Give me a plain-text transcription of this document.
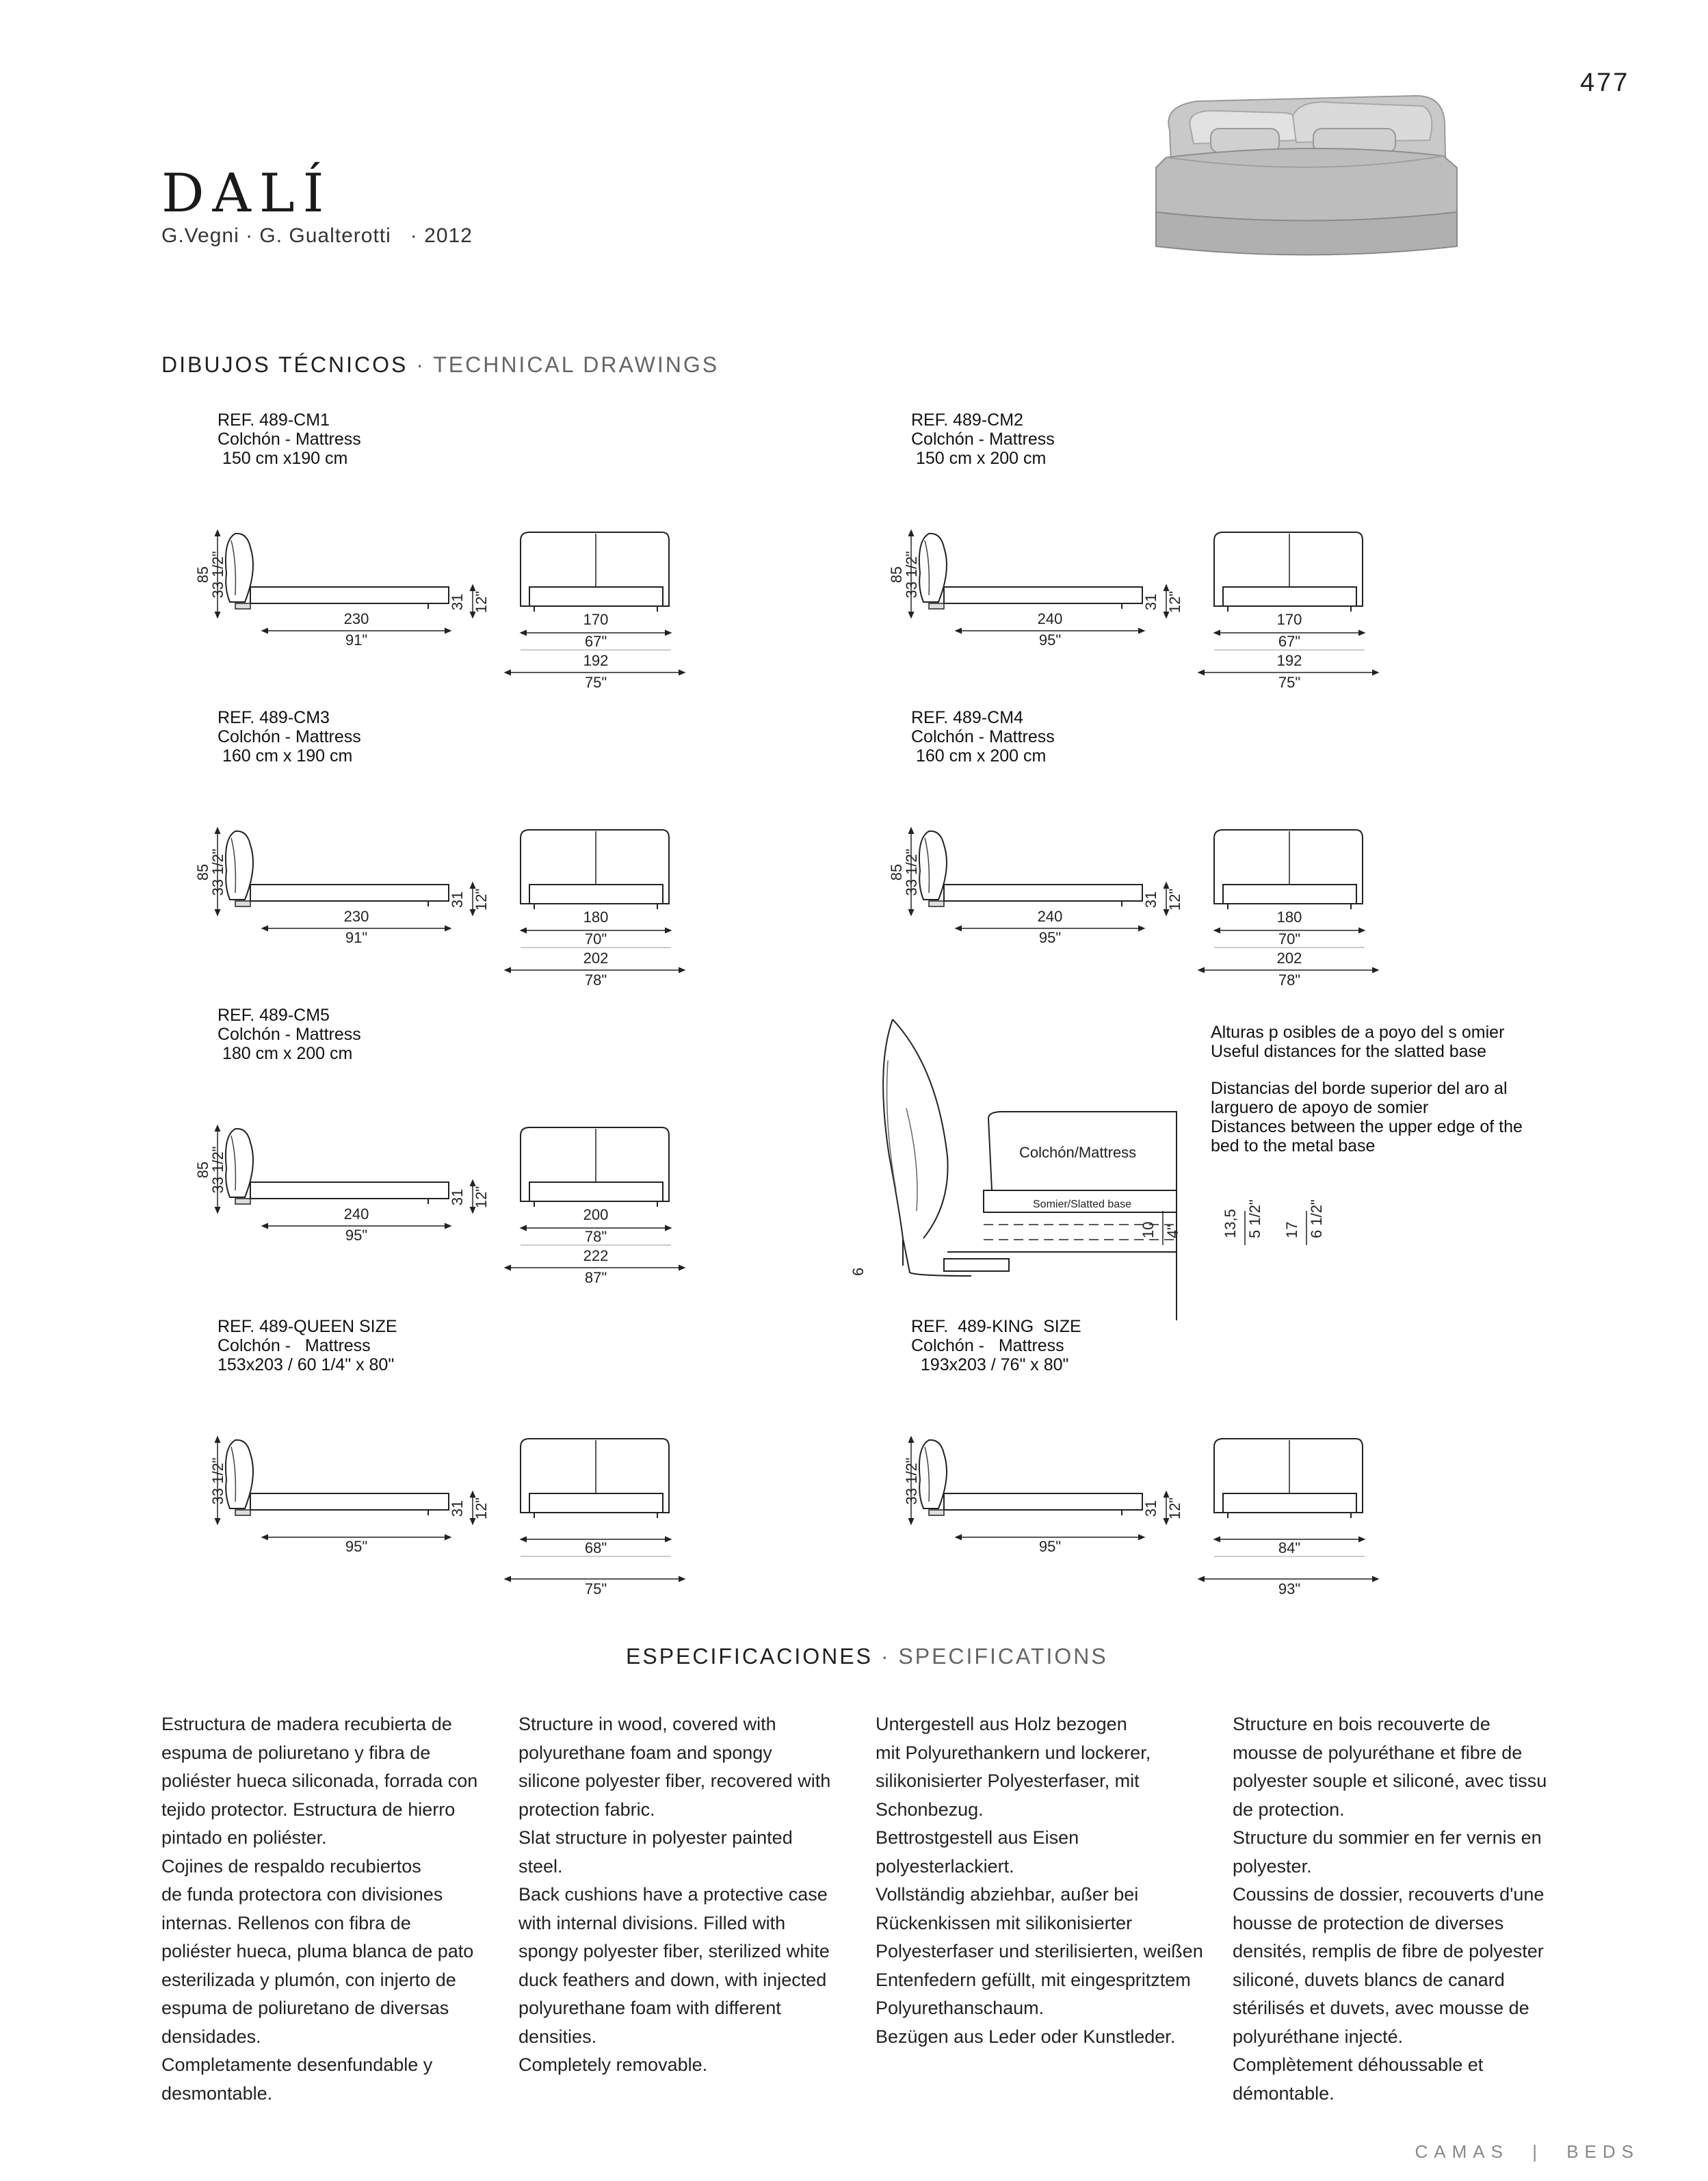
477
DALÍ
G.Vegni · G. Gualterotti   · 2012
DIBUJOS TÉCNICOS · TECHNICAL DRAWINGS
REF. 489-CM1
Colchón - Mattress
150 cm x190 cm
85
33 1/2"
31 12"
230
91"
170
67"
192
75"
REF. 489-CM2
Colchón - Mattress
150 cm x 200 cm
85
33 1/2"
31 12"
240
95"
170
67"
192
75"
REF. 489-CM3
Colchón - Mattress
160 cm x 190 cm
85
33 1/2"
31 12"
230
91"
180
70"
202
78"
REF. 489-CM4
Colchón - Mattress
160 cm x 200 cm
85
33 1/2"
31 12"
240
95"
180
70"
202
78"
REF. 489-CM5
Colchón - Mattress
180 cm x 200 cm
85
33 1/2"
31 12"
240
95"
200
78"
222
87"
REF. 489-QUEEN SIZE
Colchón -   Mattress
153x203 / 60 1/4" x 80"
33 1/2"
31 12"
95"	68"
75"
REF.  489-KING  SIZE
Colchón -   Mattress
193x203 / 76" x 80"
33 1/2"
31 12"
95"	84"
93"
Colchón/Mattress
Somier/Slatted base
6
10 4"	13,5 5 1/2" 17 6 1/2"
Alturas p osibles de a poyo del s omier
Useful distances for the slatted base
Distancias del borde superior del aro al
larguero de apoyo de somier
Distances between the upper edge of the
bed to the metal base
ESPECIFICACIONES · SPECIFICATIONS

Estructura de madera recubierta de

espuma de poliuretano y fibra de

poliéster hueca siliconada, forrada con

tejido protector. Estructura de hierro

pintado en poliéster.

Cojines de respaldo recubiertos

de funda protectora con divisiones

internas. Rellenos con fibra de

poliéster hueca, pluma blanca de pato

esterilizada y plumón, con injerto de

espuma de poliuretano de diversas

densidades.

Completamente desenfundable y

desmontable.

Structure in wood, covered with

polyurethane foam and spongy

silicone polyester fiber, recovered with

protection fabric.

Slat structure in polyester painted

steel.

Back cushions have a protective case

with internal divisions. Filled with

spongy polyester fiber, sterilized white

duck feathers and down, with injected

polyurethane foam with different

densities.

Completely removable.

Untergestell aus Holz bezogen

mit Polyurethankern und lockerer,

silikonisierter Polyesterfaser, mit

Schonbezug.

Bettrostgestell aus Eisen

polyesterlackiert.

Vollständig abziehbar, außer bei

Rückenkissen mit silikonisierter

Polyesterfaser und sterilisierten, weißen

Entenfedern gefüllt, mit eingespritztem

Polyurethanschaum.

Bezügen aus Leder oder Kunstleder.

Structure en bois recouverte de

mousse de polyuréthane et fibre de

polyester souple et siliconé, avec tissu

de protection.

Structure du sommier en fer vernis en

polyester.

Coussins de dossier, recouverts d'une

housse de protection de diverses

densités, remplis de fibre de polyester

siliconé, duvets blancs de canard

stérilisés et duvets, avec mousse de

polyuréthane injecté.

Complètement déhoussable et

démontable.

CAMAS | BEDS
